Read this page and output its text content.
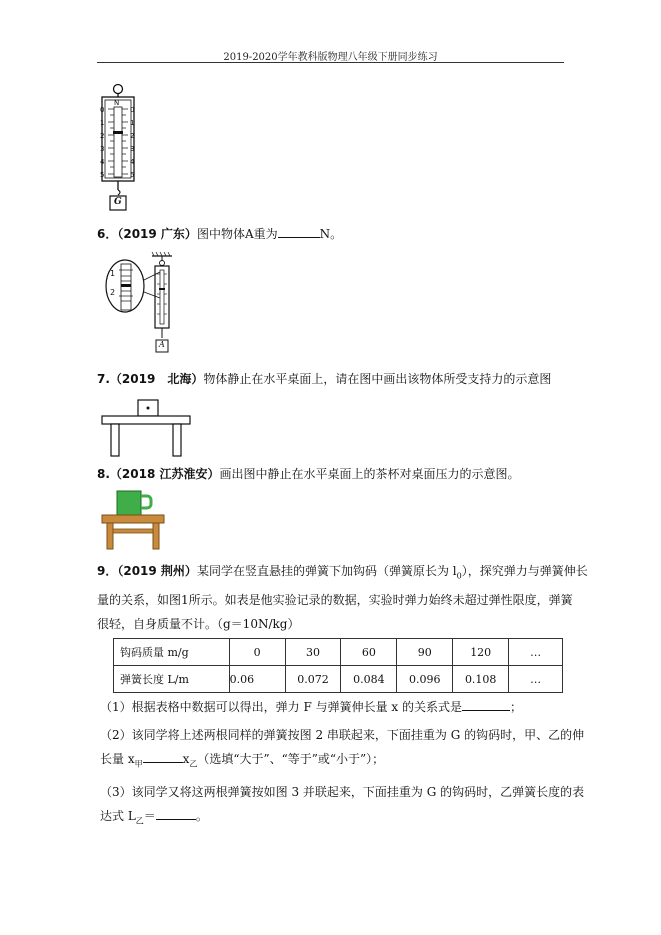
2019-2020学年教科版物理八年级下册同步练习
N
0
1
2
3
4
5
0
1
2
3
4
5
G
6．（2019 广东）图中物体A重为	N。
1
2
A
7.（2019　北海）物体静止在水平桌面上，请在图中画出该物体所受支持力的示意图
8.（2018 江苏淮安）画出图中静止在水平桌面上的茶杯对桌面压力的示意图。
9．（2019 荆州）某同学在竖直悬挂的弹簧下加钩码（弹簧原长为 $l_0$），探究弹力与弹簧伸长
量的关系，如图1所示。如表是他实验记录的数据，实验时弹力始终未超过弹性限度，弹簧
很轻，自身质量不计。（g＝10N/kg）
钩码质量 m/g	0	30	60	90	120	…
弹簧长度 L/m	0.06	0.072	0.084	0.096	0.108	…
（1）根据表格中数据可以得出，弹力 F 与弹簧伸长量 x 的关系式是	；
（2）该同学将上述两根同样的弹簧按图 2 串联起来，下面挂重为 G 的钩码时，甲、乙的伸
长量 $x_甲$	$x_乙$（选填“大于”、“等于”或“小于”）；
（3）该同学又将这两根弹簧按如图 3 并联起来，下面挂重为 G 的钩码时，乙弹簧长度的表
达式 $L_乙=$	。
